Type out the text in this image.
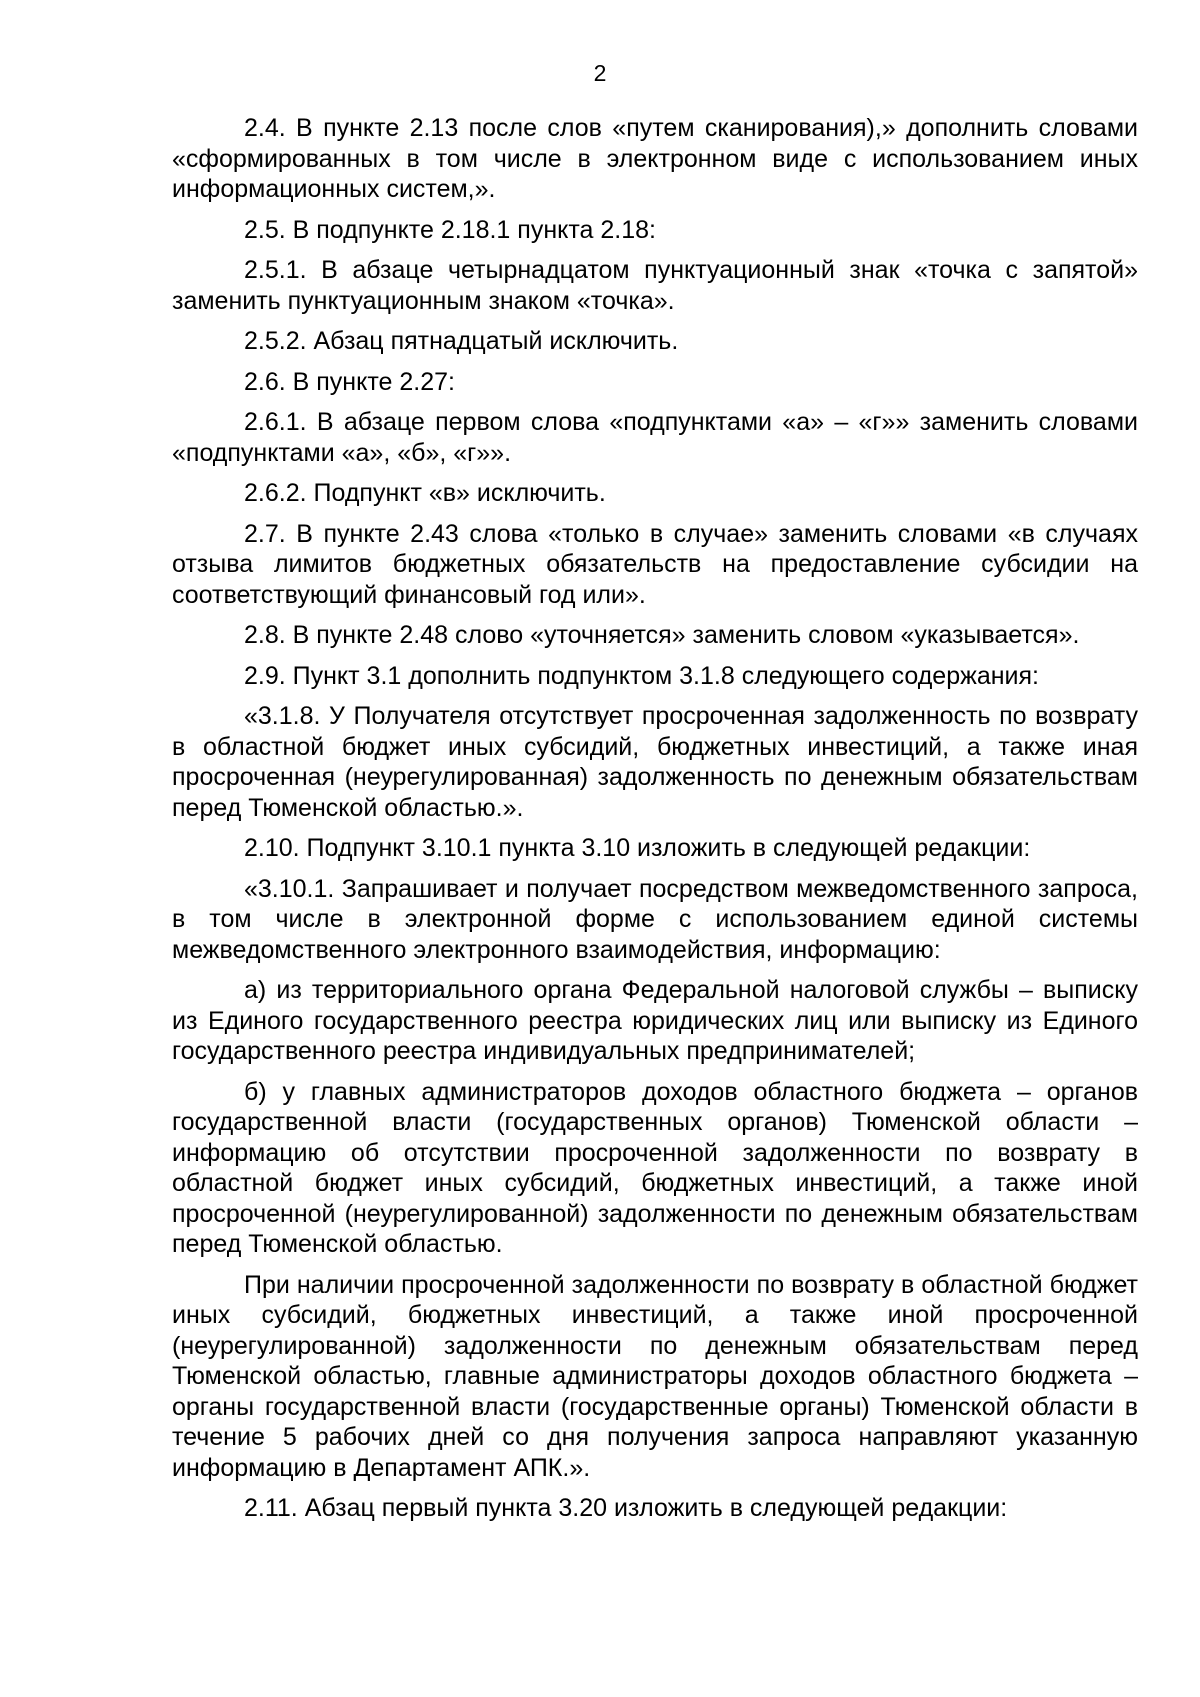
2

2.4. В пункте 2.13 после слов «путем сканирования),» дополнить словами «сформированных в том числе в электронном виде с использованием иных информационных систем,».

2.5. В подпункте 2.18.1 пункта 2.18:

2.5.1. В абзаце четырнадцатом пунктуационный знак «точка с запятой» заменить пунктуационным знаком «точка».

2.5.2. Абзац пятнадцатый исключить.

2.6. В пункте 2.27:

2.6.1. В абзаце первом слова «подпунктами «а» – «г»» заменить словами «подпунктами «а», «б», «г»».

2.6.2. Подпункт «в» исключить.

2.7. В пункте 2.43 слова «только в случае» заменить словами «в случаях отзыва лимитов бюджетных обязательств на предоставление субсидии на соответствующий финансовый год или».

2.8. В пункте 2.48 слово «уточняется» заменить словом «указывается».

2.9. Пункт 3.1 дополнить подпунктом 3.1.8 следующего содержания:

«3.1.8. У Получателя отсутствует просроченная задолженность по возврату в областной бюджет иных субсидий, бюджетных инвестиций, а также иная просроченная (неурегулированная) задолженность по денежным обязательствам перед Тюменской областью.».

2.10. Подпункт 3.10.1 пункта 3.10 изложить в следующей редакции:

«3.10.1. Запрашивает и получает посредством межведомственного запроса, в том числе в электронной форме с использованием единой системы межведомственного электронного взаимодействия, информацию:

а) из территориального органа Федеральной налоговой службы – выписку из Единого государственного реестра юридических лиц или выписку из Единого государственного реестра индивидуальных предпринимателей;

б) у главных администраторов доходов областного бюджета – органов государственной власти (государственных органов) Тюменской области – информацию об отсутствии просроченной задолженности по возврату в областной бюджет иных субсидий, бюджетных инвестиций, а также иной просроченной (неурегулированной) задолженности по денежным обязательствам перед Тюменской областью.

При наличии просроченной задолженности по возврату в областной бюджет иных субсидий, бюджетных инвестиций, а также иной просроченной (неурегулированной) задолженности по денежным обязательствам перед Тюменской областью, главные администраторы доходов областного бюджета – органы государственной власти (государственные органы) Тюменской области в течение 5 рабочих дней со дня получения запроса направляют указанную информацию в Департамент АПК.».

2.11. Абзац первый пункта 3.20 изложить в следующей редакции:
